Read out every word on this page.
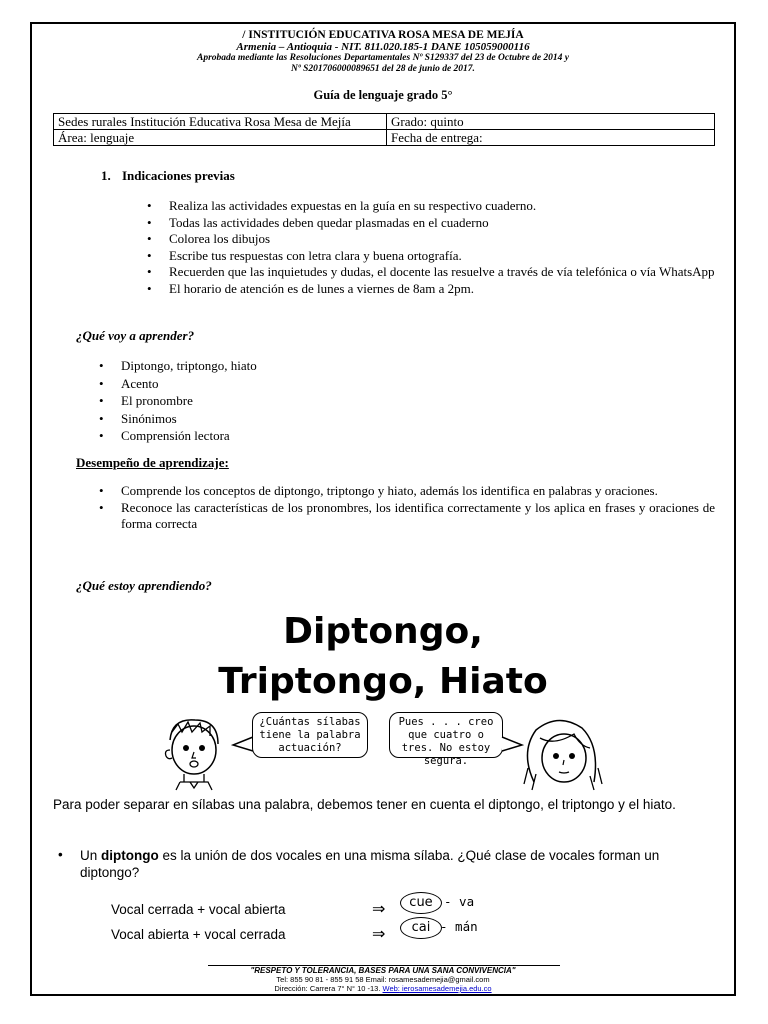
/ INSTITUCIÓN EDUCATIVA ROSA MESA DE MEJÍA
Armenia – Antioquia - NIT. 811.020.185-1 DANE 105059000116
Aprobada mediante las Resoluciones Departamentales Nº S129337 del 23 de Octubre de 2014 y
Nº S201706000089651 del 28 de junio de 2017.
Guía de lenguaje grado 5°
Sedes rurales Institución Educativa Rosa Mesa de Mejía	Grado: quinto
Área: lenguaje	Fecha de entrega:
1. Indicaciones previas
• Realiza las actividades expuestas en la guía en su respectivo cuaderno.
• Todas las actividades deben quedar plasmadas en el cuaderno
• Colorea los dibujos
• Escribe tus respuestas con letra clara y buena ortografía.
• Recuerden que las inquietudes y dudas, el docente las resuelve a través de vía telefónica o vía WhatsApp
• El horario de atención es de lunes a viernes de 8am a 2pm.
¿Qué voy a aprender?
• Diptongo, triptongo, hiato
• Acento
• El pronombre
• Sinónimos
• Comprensión lectora
Desempeño de aprendizaje:
• Comprende los conceptos de diptongo, triptongo y hiato, además los identifica en palabras y oraciones.
• Reconoce las características de los pronombres, los identifica correctamente y los aplica en frases y oraciones de forma correcta
¿Qué estoy aprendiendo?
Diptongo,
Triptongo, Hiato
¿Cuántas sílabas tiene la palabra actuación?
Pues . . . creo que cuatro o tres. No estoy segura.
Para poder separar en sílabas una palabra, debemos tener en cuenta el diptongo, el triptongo y el hiato.
• Un diptongo es la unión de dos vocales en una misma sílaba. ¿Qué clase de vocales forman un diptongo?
Vocal cerrada + vocal abierta	⇒	cue - va
Vocal abierta + vocal cerrada	⇒	cai - mán
"RESPETO Y TOLERANCIA, BASES PARA UNA SANA CONVIVENCIA"
Tel: 855 90 81 - 855 91 58 Email: rosamesademejia@gmail.com
Dirección: Carrera 7° N° 10 -13. Web: ierosamesademejia.edu.co
